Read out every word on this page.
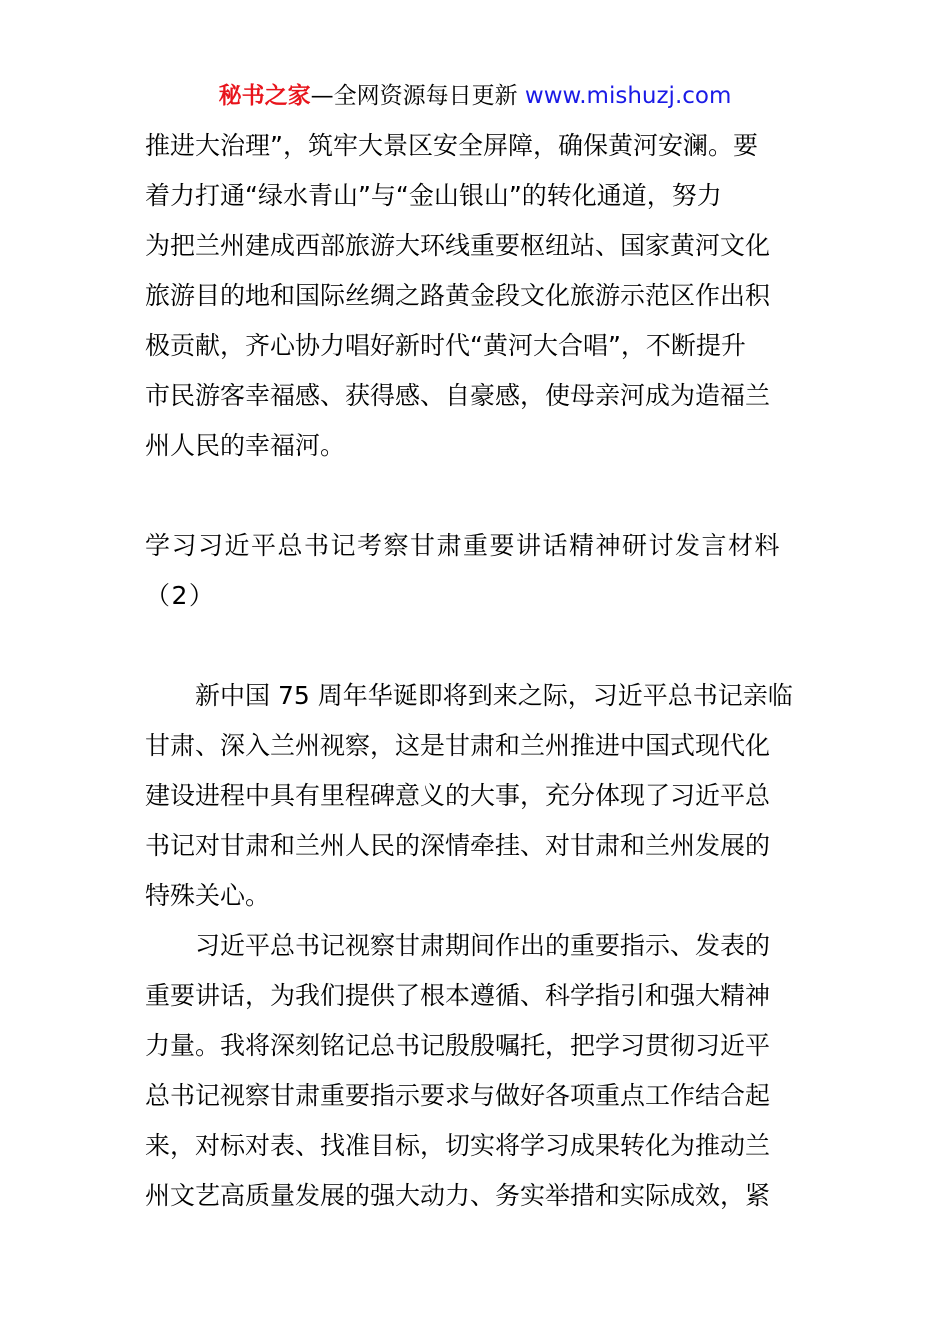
秘书之家—全网资源每日更新 www.mishuzj.com
推进大治理”，筑牢大景区安全屏障，确保黄河安澜。要
着力打通“绿水青山”与“金山银山”的转化通道，努力
为把兰州建成西部旅游大环线重要枢纽站、国家黄河文化
旅游目的地和国际丝绸之路黄金段文化旅游示范区作出积
极贡献，齐心协力唱好新时代“黄河大合唱”，不断提升
市民游客幸福感、获得感、自豪感，使母亲河成为造福兰
州人民的幸福河。
学习习近平总书记考察甘肃重要讲话精神研讨发言材料
（2）
　　新中国 75 周年华诞即将到来之际，习近平总书记亲临
甘肃、深入兰州视察，这是甘肃和兰州推进中国式现代化
建设进程中具有里程碑意义的大事，充分体现了习近平总
书记对甘肃和兰州人民的深情牵挂、对甘肃和兰州发展的
特殊关心。
　　习近平总书记视察甘肃期间作出的重要指示、发表的
重要讲话，为我们提供了根本遵循、科学指引和强大精神
力量。我将深刻铭记总书记殷殷嘱托，把学习贯彻习近平
总书记视察甘肃重要指示要求与做好各项重点工作结合起
来，对标对表、找准目标，切实将学习成果转化为推动兰
州文艺高质量发展的强大动力、务实举措和实际成效，紧
